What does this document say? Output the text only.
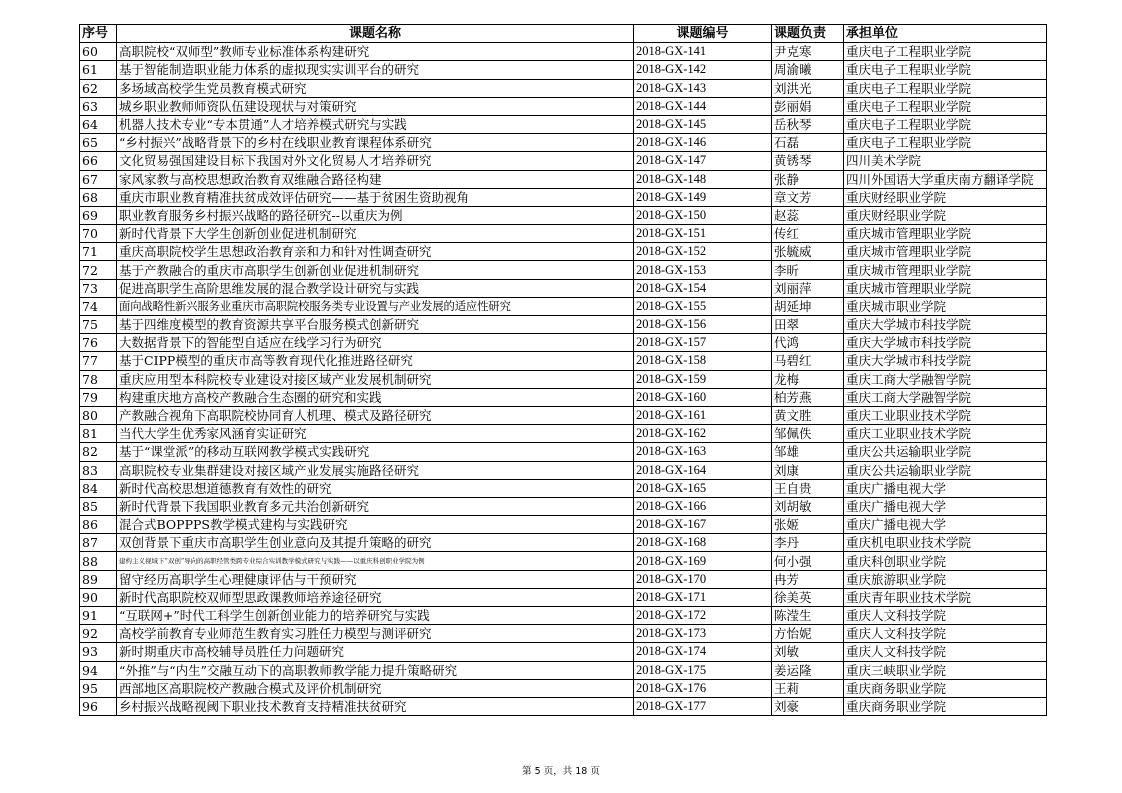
序号	课题名称	课题编号	课题负责	承担单位
60	高职院校“双师型”教师专业标准体系构建研究	2018-GX-141	尹克寒	重庆电子工程职业学院
61	基于智能制造职业能力体系的虚拟现实实训平台的研究	2018-GX-142	周渝曦	重庆电子工程职业学院
62	多场域高校学生党员教育模式研究	2018-GX-143	刘洪光	重庆电子工程职业学院
63	城乡职业教师师资队伍建设现状与对策研究	2018-GX-144	彭丽娟	重庆电子工程职业学院
64	机器人技术专业“专本贯通”人才培养模式研究与实践	2018-GX-145	岳秋琴	重庆电子工程职业学院
65	“乡村振兴”战略背景下的乡村在线职业教育课程体系研究	2018-GX-146	石磊	重庆电子工程职业学院
66	文化贸易强国建设目标下我国对外文化贸易人才培养研究	2018-GX-147	黄锈琴	四川美术学院
67	家风家教与高校思想政治教育双维融合路径构建	2018-GX-148	张静	四川外国语大学重庆南方翻译学院
68	重庆市职业教育精准扶贫成效评估研究——基于贫困生资助视角	2018-GX-149	章文芳	重庆财经职业学院
69	职业教育服务乡村振兴战略的路径研究--以重庆为例	2018-GX-150	赵蕊	重庆财经职业学院
70	新时代背景下大学生创新创业促进机制研究	2018-GX-151	传红	重庆城市管理职业学院
71	重庆高职院校学生思想政治教育亲和力和针对性调查研究	2018-GX-152	张毓威	重庆城市管理职业学院
72	基于产教融合的重庆市高职学生创新创业促进机制研究	2018-GX-153	李昕	重庆城市管理职业学院
73	促进高职学生高阶思维发展的混合教学设计研究与实践	2018-GX-154	刘丽萍	重庆城市管理职业学院
74	面向战略性新兴服务业重庆市高职院校服务类专业设置与产业发展的适应性研究	2018-GX-155	胡延坤	重庆城市职业学院
75	基于四维度模型的教育资源共享平台服务模式创新研究	2018-GX-156	田翠	重庆大学城市科技学院
76	大数据背景下的智能型自适应在线学习行为研究	2018-GX-157	代鸿	重庆大学城市科技学院
77	基于CIPP模型的重庆市高等教育现代化推进路径研究	2018-GX-158	马碧红	重庆大学城市科技学院
78	重庆应用型本科院校专业建设对接区域产业发展机制研究	2018-GX-159	龙梅	重庆工商大学融智学院
79	构建重庆地方高校产教融合生态圈的研究和实践	2018-GX-160	柏芳燕	重庆工商大学融智学院
80	产教融合视角下高职院校协同育人机理、模式及路径研究	2018-GX-161	黄文胜	重庆工业职业技术学院
81	当代大学生优秀家风涵育实证研究	2018-GX-162	邹佩佚	重庆工业职业技术学院
82	基于“课堂派”的移动互联网教学模式实践研究	2018-GX-163	邹雄	重庆公共运输职业学院
83	高职院校专业集群建设对接区域产业发展实施路径研究	2018-GX-164	刘康	重庆公共运输职业学院
84	新时代高校思想道德教育有效性的研究	2018-GX-165	王自贵	重庆广播电视大学
85	新时代背景下我国职业教育多元共治创新研究	2018-GX-166	刘胡敏	重庆广播电视大学
86	混合式BOPPPS教学模式建构与实践研究	2018-GX-167	张姬	重庆广播电视大学
87	双创背景下重庆市高职学生创业意向及其提升策略的研究	2018-GX-168	李丹	重庆机电职业技术学院
88	建构主义视域下“双创”导向的高职经管类跨专业综合实训教学模式研究与实践——以重庆科创职业学院为例	2018-GX-169	何小强	重庆科创职业学院
89	留守经历高职学生心理健康评估与干预研究	2018-GX-170	冉芳	重庆旅游职业学院
90	新时代高职院校双师型思政课教师培养途径研究	2018-GX-171	徐美英	重庆青年职业技术学院
91	“互联网+”时代工科学生创新创业能力的培养研究与实践	2018-GX-172	陈滢生	重庆人文科技学院
92	高校学前教育专业师范生教育实习胜任力模型与测评研究	2018-GX-173	方怡妮	重庆人文科技学院
93	新时期重庆市高校辅导员胜任力问题研究	2018-GX-174	刘敏	重庆人文科技学院
94	“外推”与“内生”交融互动下的高职教师教学能力提升策略研究	2018-GX-175	姜运隆	重庆三峡职业学院
95	西部地区高职院校产教融合模式及评价机制研究	2018-GX-176	王莉	重庆商务职业学院
96	乡村振兴战略视阈下职业技术教育支持精准扶贫研究	2018-GX-177	刘豪	重庆商务职业学院
第 5 页，共 18 页
